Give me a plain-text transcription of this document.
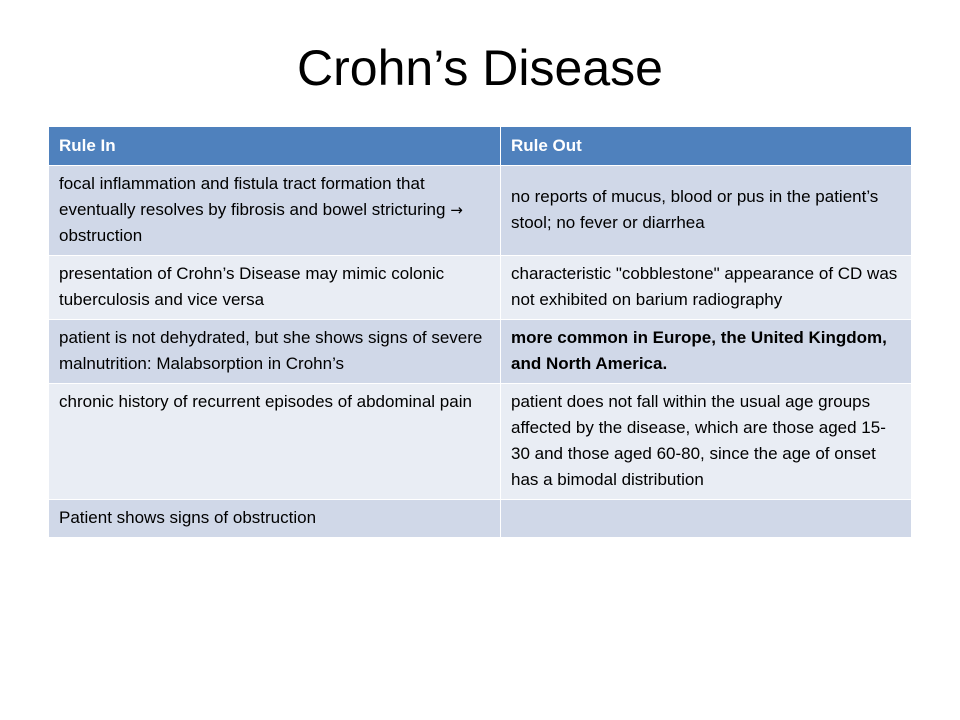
Crohn’s Disease
Rule In	Rule Out
focal inflammation and fistula tract formation that eventually resolves by fibrosis and bowel stricturing → obstruction	no reports of mucus, blood or pus in the patient’s stool; no fever or diarrhea
presentation of Crohn’s Disease may mimic colonic tuberculosis and vice versa	characteristic "cobblestone" appearance of CD was not exhibited on barium radiography
patient is not dehydrated, but she shows signs of severe malnutrition: Malabsorption in Crohn’s	more common in Europe, the United Kingdom, and North America.
chronic history of recurrent episodes of abdominal pain	patient does not fall within the usual age groups affected by the disease, which are those aged 15-30 and those aged 60-80, since the age of onset has a bimodal distribution
Patient shows signs of obstruction	
